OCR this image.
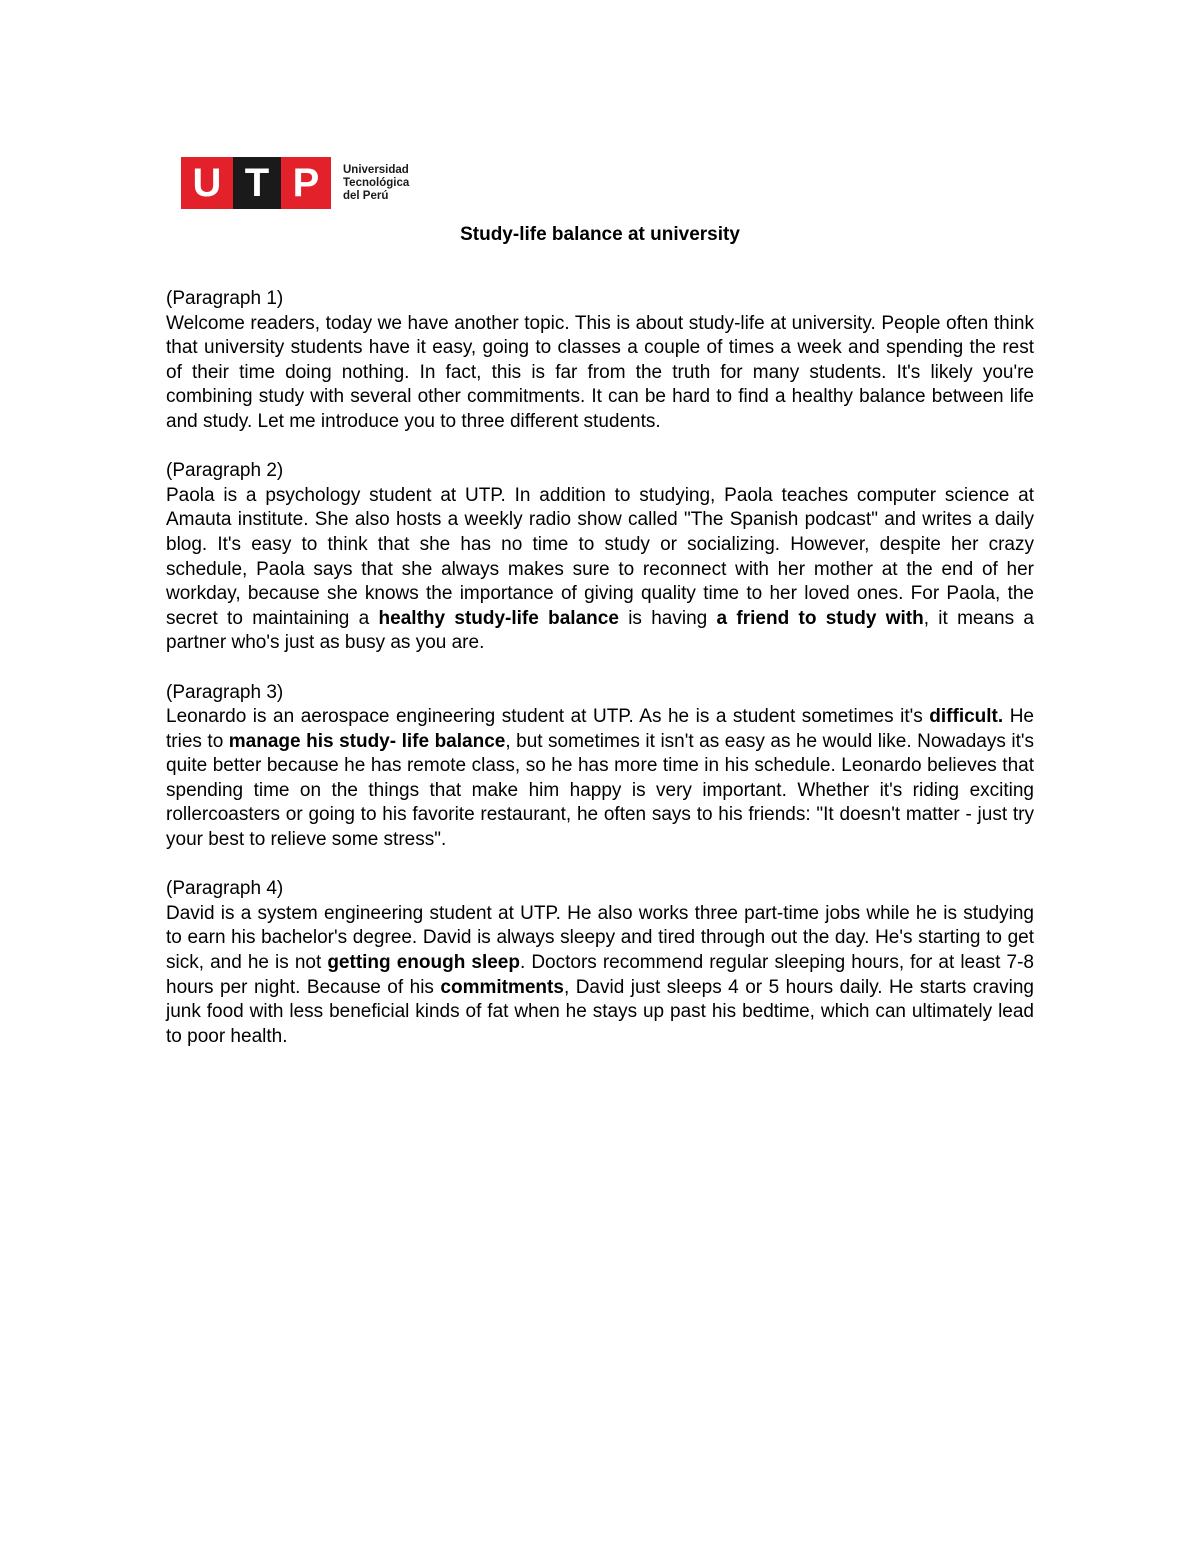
U T P	Universidad
Tecnológica
del Perú
Study-life balance at university
(Paragraph 1)
Welcome readers, today we have another topic. This is about study-life at university. People often think that university students have it easy, going to classes a couple of times a week and spending the rest of their time doing nothing. In fact, this is far from the truth for many students. It's likely you're combining study with several other commitments. It can be hard to find a healthy balance between life and study. Let me introduce you to three different students.
(Paragraph 2)
Paola is a psychology student at UTP. In addition to studying, Paola teaches computer science at Amauta institute. She also hosts a weekly radio show called "The Spanish podcast" and writes a daily blog. It's easy to think that she has no time to study or socializing. However, despite her crazy schedule, Paola says that she always makes sure to reconnect with her mother at the end of her workday, because she knows the importance of giving quality time to her loved ones. For Paola, the secret to maintaining a healthy study-life balance is having a friend to study with, it means a partner who's just as busy as you are.
(Paragraph 3)
Leonardo is an aerospace engineering student at UTP. As he is a student sometimes it's difficult. He tries to manage his study- life balance, but sometimes it isn't as easy as he would like. Nowadays it's quite better because he has remote class, so he has more time in his schedule. Leonardo believes that spending time on the things that make him happy is very important. Whether it's riding exciting rollercoasters or going to his favorite restaurant, he often says to his friends: "It doesn't matter - just try your best to relieve some stress".
(Paragraph 4)
David is a system engineering student at UTP. He also works three part-time jobs while he is studying to earn his bachelor's degree. David is always sleepy and tired through out the day. He's starting to get sick, and he is not getting enough sleep. Doctors recommend regular sleeping hours, for at least 7-8 hours per night. Because of his commitments, David just sleeps 4 or 5 hours daily. He starts craving junk food with less beneficial kinds of fat when he stays up past his bedtime, which can ultimately lead to poor health.
